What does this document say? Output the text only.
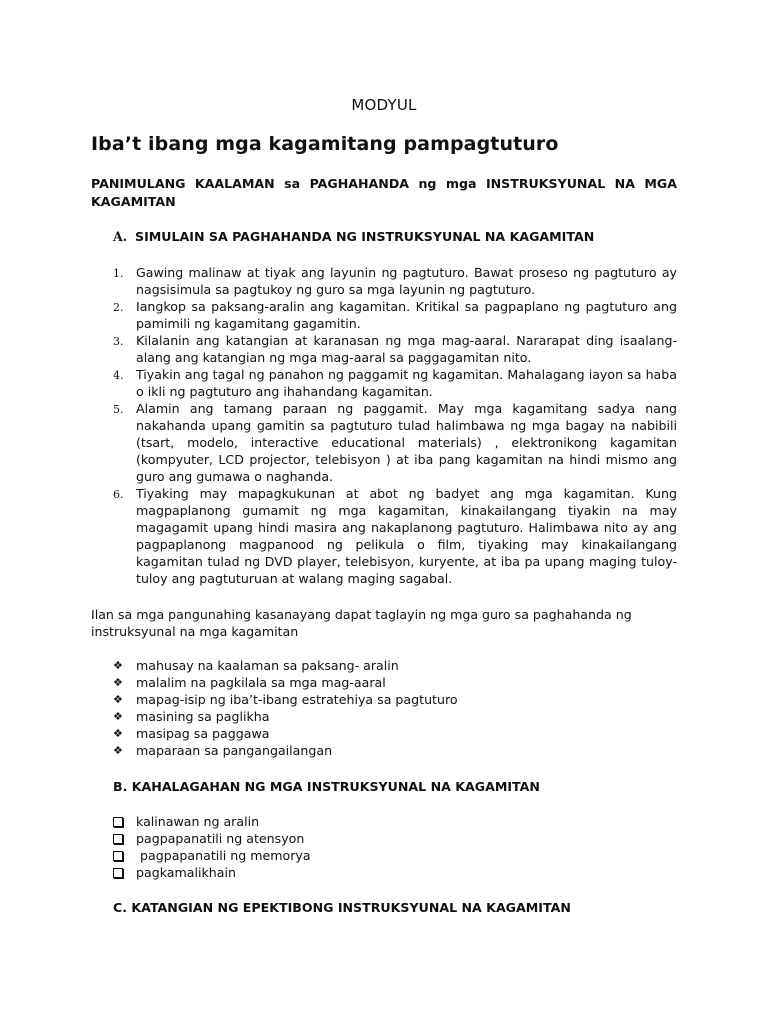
MODYUL
Iba’t ibang mga kagamitang pampagtuturo
PANIMULANG KAALAMAN sa PAGHAHANDA ng mga INSTRUKSYUNAL NA MGA KAGAMITAN
A. SIMULAIN SA PAGHAHANDA NG INSTRUKSYUNAL NA KAGAMITAN
1. Gawing malinaw at tiyak ang layunin ng pagtuturo. Bawat proseso ng pagtuturo ay nagsisimula sa pagtukoy ng guro sa mga layunin ng pagtuturo.
2. Iangkop sa paksang-aralin ang kagamitan. Kritikal sa pagpaplano ng pagtuturo ang pamimili ng kagamitang gagamitin.
3. Kilalanin ang katangian at karanasan ng mga mag-aaral. Nararapat ding isaalang-alang ang katangian ng mga mag-aaral sa paggagamitan nito.
4. Tiyakin ang tagal ng panahon ng paggamit ng kagamitan. Mahalagang iayon sa haba o ikli ng pagtuturo ang ihahandang kagamitan.
5. Alamin ang tamang paraan ng paggamit. May mga kagamitang sadya nang nakahanda upang gamitin sa pagtuturo tulad halimbawa ng mga bagay na nabibili (tsart, modelo, interactive educational materials) , elektronikong kagamitan (kompyuter, LCD projector, telebisyon ) at iba pang kagamitan na hindi mismo ang guro ang gumawa o naghanda.
6. Tiyaking may mapagkukunan at abot ng badyet ang mga kagamitan. Kung magpaplanong gumamit ng mga kagamitan, kinakailangang tiyakin na may magagamit upang hindi masira ang nakaplanong pagtuturo. Halimbawa nito ay ang pagpaplanong magpanood ng pelikula o film, tiyaking may kinakailangang kagamitan tulad ng DVD player, telebisyon, kuryente, at iba pa upang maging tuloy-tuloy ang pagtuturuan at walang maging sagabal.
Ilan sa mga pangunahing kasanayang dapat taglayin ng mga guro sa paghahanda ng instruksyunal na mga kagamitan
❖ mahusay na kaalaman sa paksang- aralin
❖ malalim na pagkilala sa mga mag-aaral
❖ mapag-isip ng iba’t-ibang estratehiya sa pagtuturo
❖ masining sa paglikha
❖ masipag sa paggawa
❖ maparaan sa pangangailangan
B. KAHALAGAHAN NG MGA INSTRUKSYUNAL NA KAGAMITAN
kalinawan ng aralin
pagpapanatili ng atensyon
pagpapanatili ng memorya
pagkamalikhain
C. KATANGIAN NG EPEKTIBONG INSTRUKSYUNAL NA KAGAMITAN
